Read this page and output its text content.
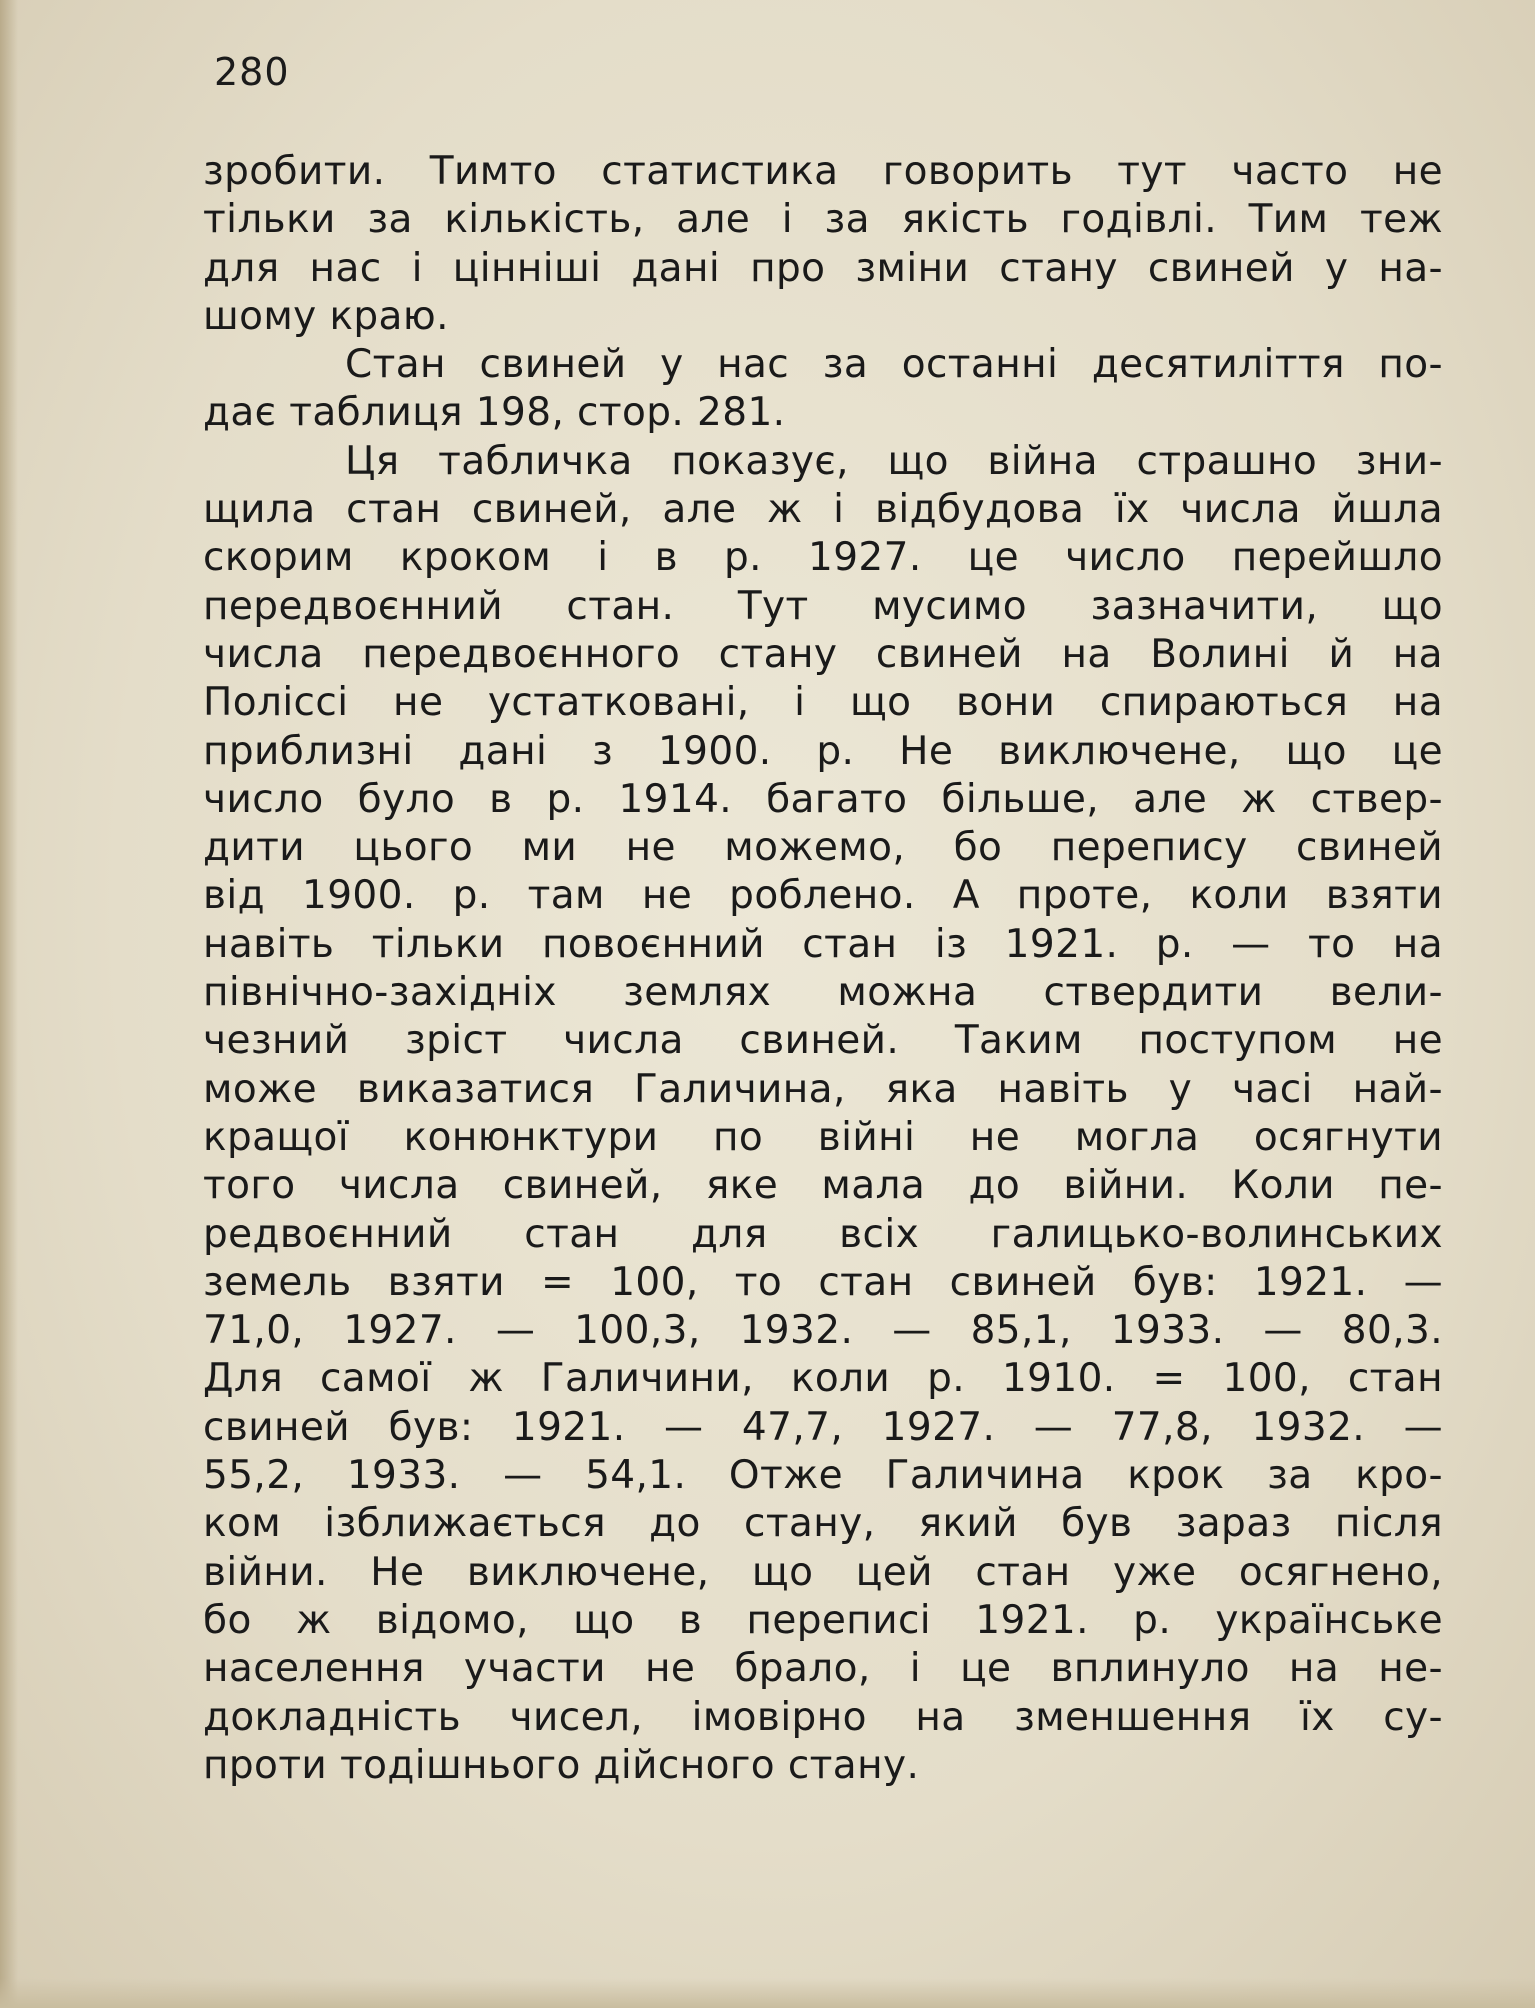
280
зробити. Тимто статистика говорить тут часто не
тільки за кількість, але і за якість годівлі. Тим теж
для нас і цінніші дані про зміни стану свиней у на-
шому краю.
Стан свиней у нас за останні десятиліття по-
дає таблиця 198, стор. 281.
Ця табличка показує, що війна страшно зни-
щила стан свиней, але ж і відбудова їх числа йшла
скорим кроком і в р. 1927. це число перейшло
передвоєнний стан. Тут мусимо зазначити, що
числа передвоєнного стану свиней на Волині й на
Поліссі не устатковані, і що вони спираються на
приблизні дані з 1900. р. Не виключене, що це
число було в р. 1914. багато більше, але ж ствер-
дити цього ми не можемо, бо перепису свиней
від 1900. р. там не роблено. А проте, коли взяти
навіть тільки повоєнний стан із 1921. р. — то на
північно-західніх землях можна ствердити вели-
чезний зріст числа свиней. Таким поступом не
може виказатися Галичина, яка навіть у часі най-
кращої конюнктури по війні не могла осягнути
того числа свиней, яке мала до війни. Коли пе-
редвоєнний стан для всіх галицько-волинських
земель взяти = 100, то стан свиней був: 1921. —
71,0, 1927. — 100,3, 1932. — 85,1, 1933. — 80,3.
Для самої ж Галичини, коли р. 1910. = 100, стан
свиней був: 1921. — 47,7, 1927. — 77,8, 1932. —
55,2, 1933. — 54,1. Отже Галичина крок за кро-
ком ізближається до стану, який був зараз після
війни. Не виключене, що цей стан уже осягнено,
бо ж відомо, що в переписі 1921. р. українське
населення участи не брало, і це вплинуло на не-
докладність чисел, імовірно на зменшення їх су-
проти тодішнього дійсного стану.
